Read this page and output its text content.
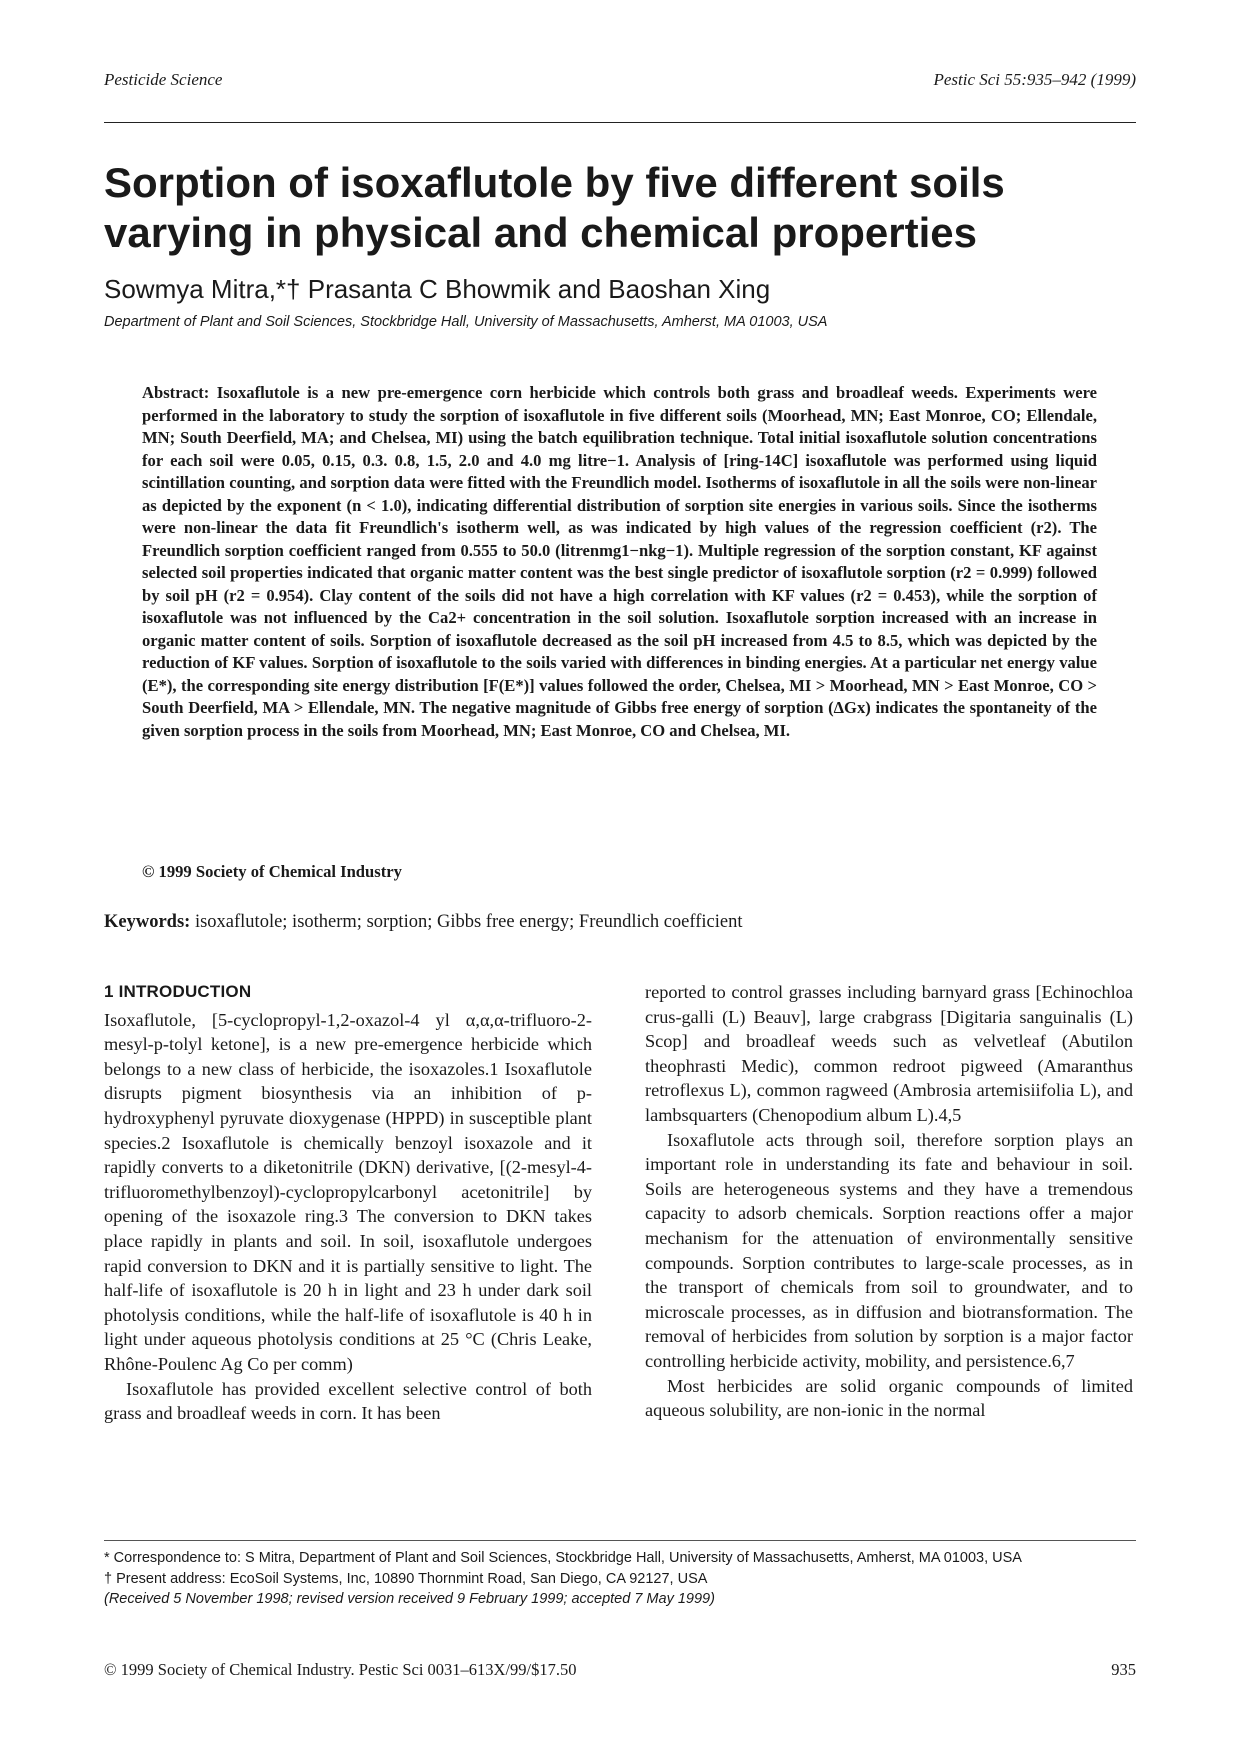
Pesticide Science	Pestic Sci 55:935–942 (1999)
Sorption of isoxaflutole by five different soils
varying in physical and chemical properties
Sowmya Mitra,*† Prasanta C Bhowmik and Baoshan Xing
Department of Plant and Soil Sciences, Stockbridge Hall, University of Massachusetts, Amherst, MA 01003, USA
Abstract: Isoxaflutole is a new pre-emergence corn herbicide which controls both grass and broadleaf weeds. Experiments were performed in the laboratory to study the sorption of isoxaflutole in five different soils (Moorhead, MN; East Monroe, CO; Ellendale, MN; South Deerfield, MA; and Chelsea, MI) using the batch equilibration technique. Total initial isoxaflutole solution concentrations for each soil were 0.05, 0.15, 0.3. 0.8, 1.5, 2.0 and 4.0 mg litre−1. Analysis of [ring-14C] isoxaflutole was performed using liquid scintillation counting, and sorption data were fitted with the Freundlich model. Isotherms of isoxaflutole in all the soils were non-linear as depicted by the exponent (n < 1.0), indicating differential distribution of sorption site energies in various soils. Since the isotherms were non-linear the data fit Freundlich's isotherm well, as was indicated by high values of the regression coefficient (r2). The Freundlich sorption coefficient ranged from 0.555 to 50.0 (litrenmg1−nkg−1). Multiple regression of the sorption constant, KF against selected soil properties indicated that organic matter content was the best single predictor of isoxaflutole sorption (r2 = 0.999) followed by soil pH (r2 = 0.954). Clay content of the soils did not have a high correlation with KF values (r2 = 0.453), while the sorption of isoxaflutole was not influenced by the Ca2+ concentration in the soil solution. Isoxaflutole sorption increased with an increase in organic matter content of soils. Sorption of isoxaflutole decreased as the soil pH increased from 4.5 to 8.5, which was depicted by the reduction of KF values. Sorption of isoxaflutole to the soils varied with differences in binding energies. At a particular net energy value (E*), the corresponding site energy distribution [F(E*)] values followed the order, Chelsea, MI > Moorhead, MN > East Monroe, CO > South Deerfield, MA > Ellendale, MN. The negative magnitude of Gibbs free energy of sorption (ΔGx) indicates the spontaneity of the given sorption process in the soils from Moorhead, MN; East Monroe, CO and Chelsea, MI.
© 1999 Society of Chemical Industry
Keywords: isoxaflutole; isotherm; sorption; Gibbs free energy; Freundlich coefficient
1 INTRODUCTION

Isoxaflutole, [5-cyclopropyl-1,2-oxazol-4 yl α,α,α-trifluoro-2-mesyl-p-tolyl ketone], is a new pre-emergence herbicide which belongs to a new class of herbicide, the isoxazoles.1 Isoxaflutole disrupts pigment biosynthesis via an inhibition of p-hydroxyphenyl pyruvate dioxygenase (HPPD) in susceptible plant species.2 Isoxaflutole is chemically benzoyl isoxazole and it rapidly converts to a diketonitrile (DKN) derivative, [(2-mesyl-4-trifluoromethylbenzoyl)-cyclopropylcarbonyl acetonitrile] by opening of the isoxazole ring.3 The conversion to DKN takes place rapidly in plants and soil. In soil, isoxaflutole undergoes rapid conversion to DKN and it is partially sensitive to light. The half-life of isoxaflutole is 20 h in light and 23 h under dark soil photolysis conditions, while the half-life of isoxaflutole is 40 h in light under aqueous photolysis conditions at 25 °C (Chris Leake, Rhône-Poulenc Ag Co per comm)

Isoxaflutole has provided excellent selective control of both grass and broadleaf weeds in corn. It has been

reported to control grasses including barnyard grass [Echinochloa crus-galli (L) Beauv], large crabgrass [Digitaria sanguinalis (L) Scop] and broadleaf weeds such as velvetleaf (Abutilon theophrasti Medic), common redroot pigweed (Amaranthus retroflexus L), common ragweed (Ambrosia artemisiifolia L), and lambsquarters (Chenopodium album L).4,5

Isoxaflutole acts through soil, therefore sorption plays an important role in understanding its fate and behaviour in soil. Soils are heterogeneous systems and they have a tremendous capacity to adsorb chemicals. Sorption reactions offer a major mechanism for the attenuation of environmentally sensitive compounds. Sorption contributes to large-scale processes, as in the transport of chemicals from soil to groundwater, and to microscale processes, as in diffusion and biotransformation. The removal of herbicides from solution by sorption is a major factor controlling herbicide activity, mobility, and persistence.6,7

Most herbicides are solid organic compounds of limited aqueous solubility, are non-ionic in the normal

* Correspondence to: S Mitra, Department of Plant and Soil Sciences, Stockbridge Hall, University of Massachusetts, Amherst, MA 01003, USA
† Present address: EcoSoil Systems, Inc, 10890 Thornmint Road, San Diego, CA 92127, USA
(Received 5 November 1998; revised version received 9 February 1999; accepted 7 May 1999)
© 1999 Society of Chemical Industry. Pestic Sci 0031–613X/99/$17.50	935
